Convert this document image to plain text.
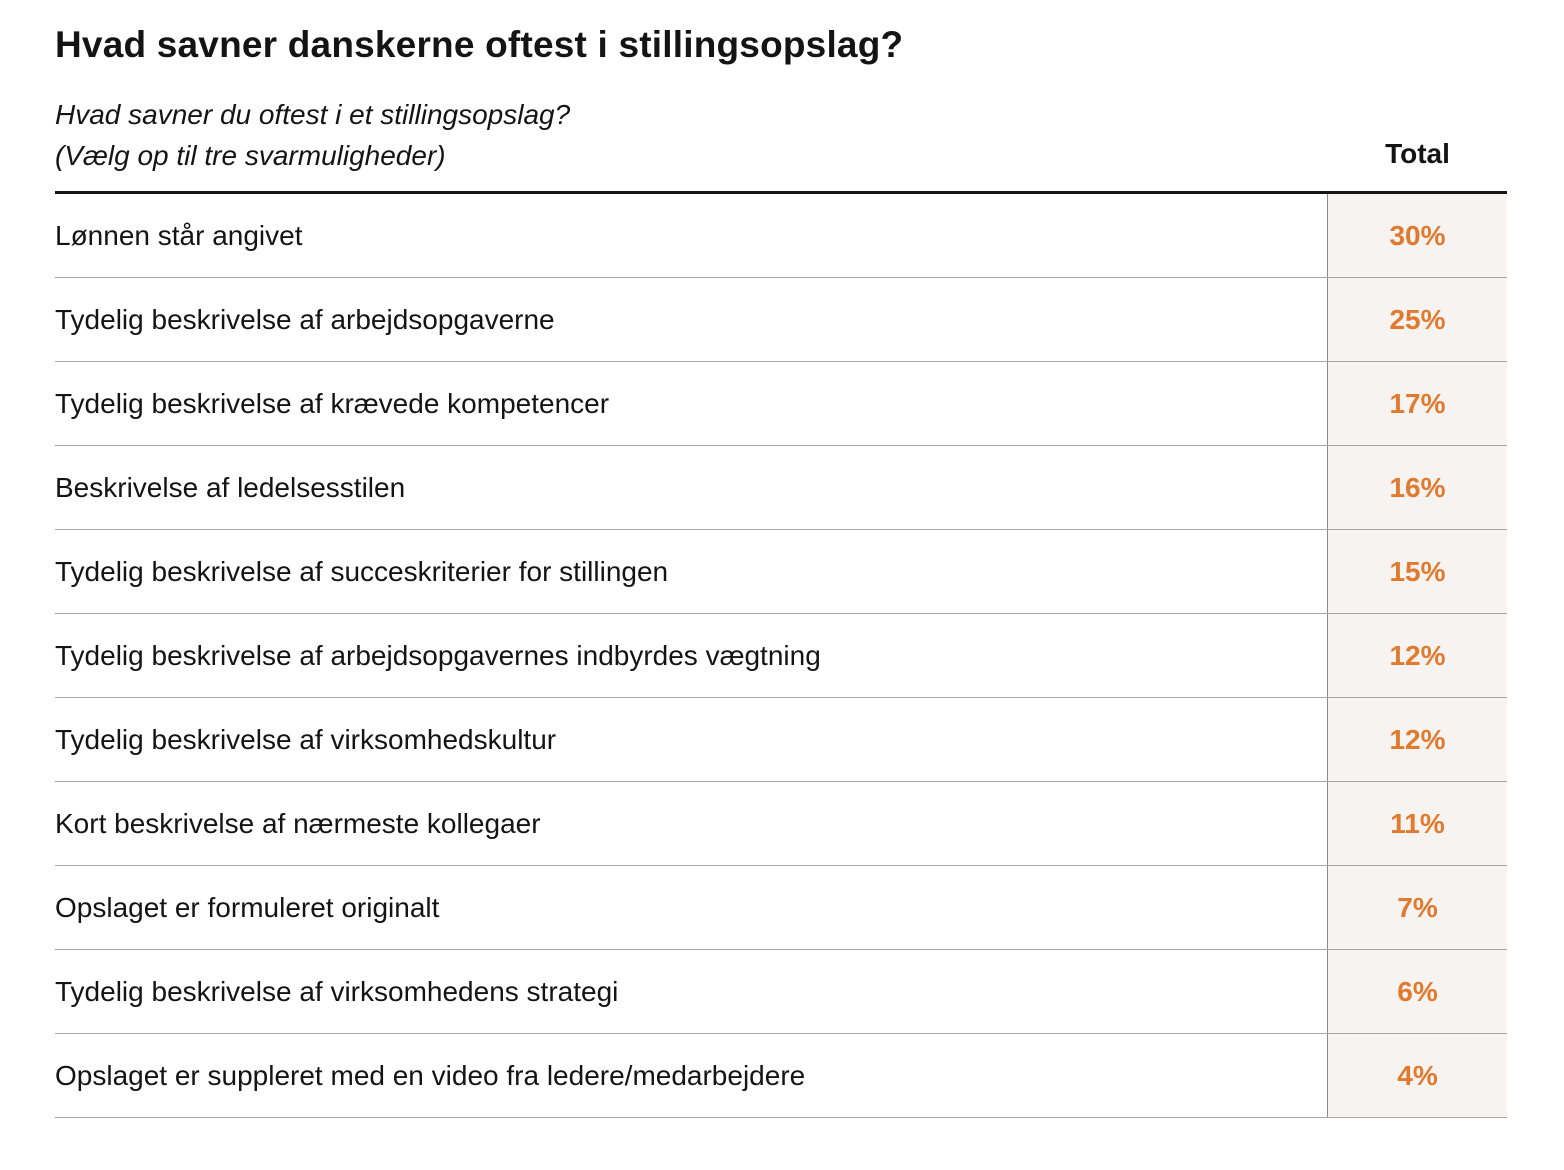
Hvad savner danskerne oftest i stillingsopslag?
Hvad savner du oftest i et stillingsopslag?
(Vælg op til tre svarmuligheder)	Total
Lønnen står angivet	30%
Tydelig beskrivelse af arbejdsopgaverne	25%
Tydelig beskrivelse af krævede kompetencer	17%
Beskrivelse af ledelsesstilen	16%
Tydelig beskrivelse af succeskriterier for stillingen	15%
Tydelig beskrivelse af arbejdsopgavernes indbyrdes vægtning	12%
Tydelig beskrivelse af virksomhedskultur	12%
Kort beskrivelse af nærmeste kollegaer	11%
Opslaget er formuleret originalt	7%
Tydelig beskrivelse af virksomhedens strategi	6%
Opslaget er suppleret med en video fra ledere/medarbejdere	4%
